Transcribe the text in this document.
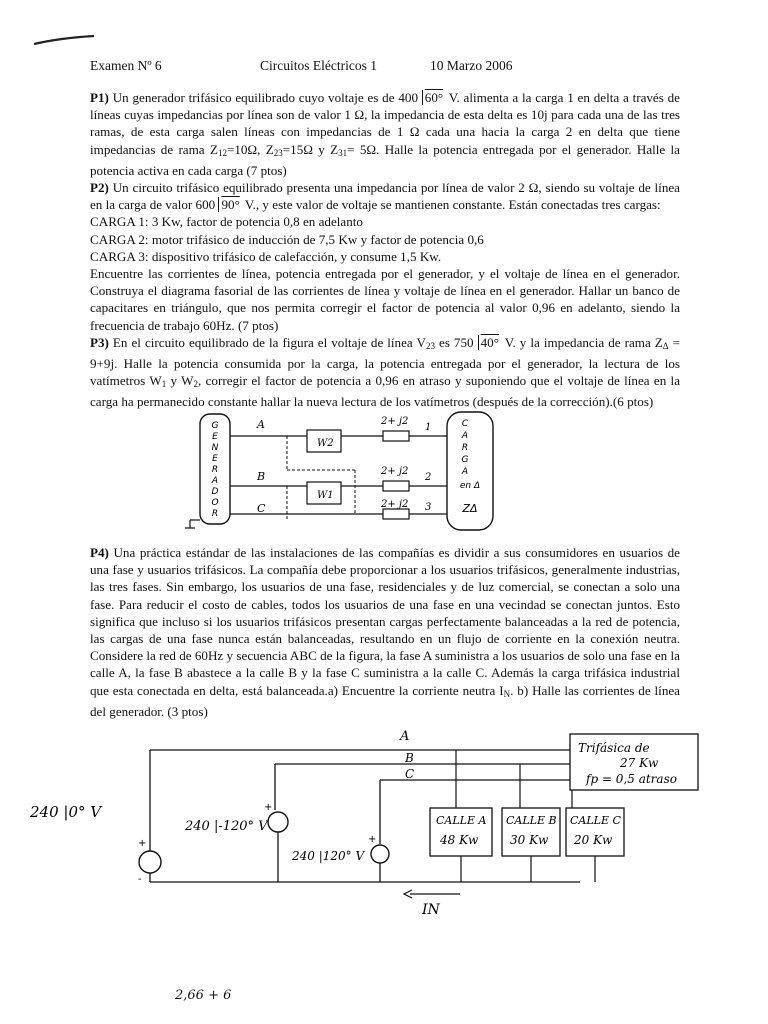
Examen Nº 6	Circuitos Eléctricos 1	10 Marzo 2006

P1) Un generador trifásico equilibrado cuyo voltaje es de 400 60° V. alimenta a la carga 1 en delta a través de líneas cuyas impedancias por línea son de valor 1 Ω, la impedancia de esta delta es 10j para cada una de las tres ramas, de esta carga salen líneas con impedancias de 1 Ω cada una hacia la carga 2 en delta que tiene impedancias de rama $Z_{12}=10\Omega$, $Z_{23}=15\Omega$ y $Z_{31}= 5\Omega$. Halle la potencia entregada por el generador. Halle la potencia activa en cada carga (7 ptos)

P2) Un circuito trifásico equilibrado presenta una impedancia por línea de valor 2 Ω, siendo su voltaje de línea en la carga de valor 600 90° V., y este valor de voltaje se mantienen constante. Están conectadas tres cargas:

CARGA 1: 3 Kw, factor de potencia 0,8 en adelanto

CARGA 2: motor trifásico de inducción de 7,5 Kw y factor de potencia 0,6

CARGA 3: dispositivo trifásico de calefacción, y consume 1,5 Kw.

Encuentre las corrientes de línea, potencia entregada por el generador, y el voltaje de línea en el generador. Construya el diagrama fasorial de las corrientes de línea y voltaje de línea en el generador. Hallar un banco de capacitares en triángulo, que nos permita corregir el factor de potencia al valor 0,96 en adelanto, siendo la frecuencia de trabajo 60Hz. (7 ptos)

P3) En el circuito equilibrado de la figura el voltaje de línea $V_{23}$ es 750 40° V. y la impedancia de rama $Z_\Delta = 9+9j$. Halle la potencia consumida por la carga, la potencia entregada por el generador, la lectura de los vatímetros $W_1$ y $W_2$, corregir el factor de potencia a 0,96 en atraso y suponiendo que el voltaje de línea en la carga ha permanecido constante hallar la nueva lectura de los vatímetros (después de la corrección).(6 ptos)

G
E
N
E
R
A
D
O
R
A
B
C
W2
W1
2+ j2
2+ j2
2+ j2
1
2
3
C
A
R
G
A
en Δ
ZΔ

P4) Una práctica estándar de las instalaciones de las compañías es dividir a sus consumidores en usuarios de una fase y usuarios trifásicos. La compañía debe proporcionar a los usuarios trifásicos, generalmente industrias, las tres fases. Sin embargo, los usuarios de una fase, residenciales y de luz comercial, se conectan a solo una fase. Para reducir el costo de cables, todos los usuarios de una fase en una vecindad se conectan juntos. Esto significa que incluso si los usuarios trifásicos presentan cargas perfectamente balanceadas a la red de potencia, las cargas de una fase nunca están balanceadas, resultando en un flujo de corriente en la conexión neutra. Considere la red de 60Hz y secuencia ABC de la figura, la fase A suministra a los usuarios de solo una fase en la calle A, la fase B abastece a la calle B y la fase C suministra a la calle C. Además la carga trifásica industrial que esta conectada en delta, está balanceada.a) Encuentre la corriente neutra $I_N$. b) Halle las corrientes de línea del generador. (3 ptos)

A
B
C
+
-
240 |0° V	+
240 |-120° V
+
240 |120° V
IN
CALLE A
48 Kw
CALLE B
30 Kw
CALLE C
20 Kw
Trifásica de
27 Kw
fp = 0,5 atraso
2,66 + 6
